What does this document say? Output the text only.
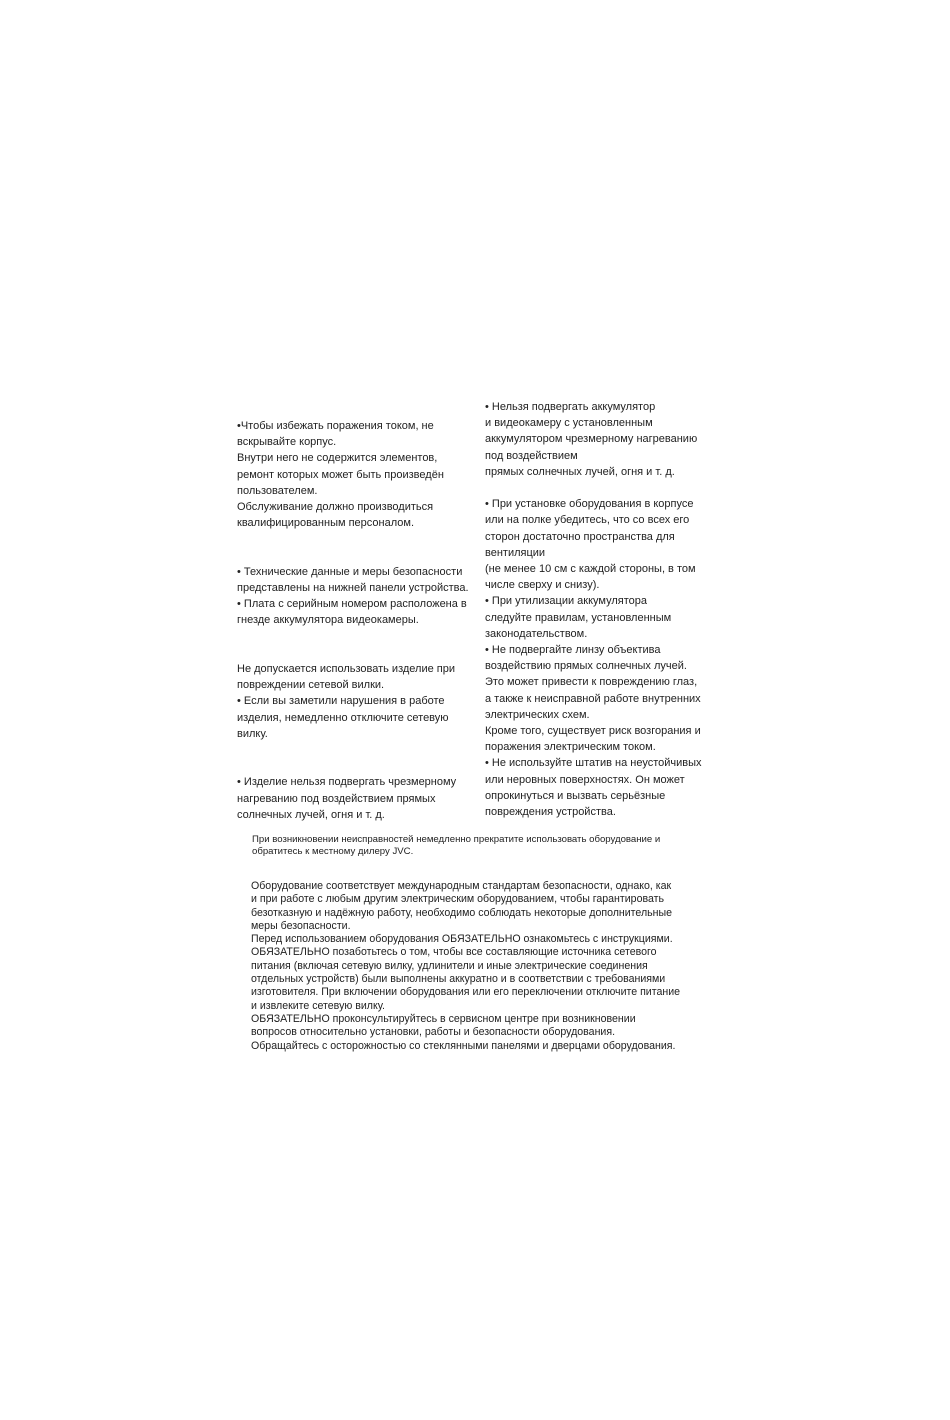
•Чтобы избежать поражения током, не

вскрывайте корпус.

Внутри него не содержится элементов,

ремонт которых может быть произведён

пользователем.

Обслуживание должно производиться

квалифицированным персоналом.

• Технические данные и меры безопасности

представлены на нижней панели устройства.

• Плата с серийным номером расположена в

гнезде аккумулятора видеокамеры.

Не допускается использовать изделие при

повреждении сетевой вилки.

• Если вы заметили нарушения в работе

изделия, немедленно отключите сетевую

вилку.

• Изделие нельзя подвергать чрезмерному

нагреванию под воздействием прямых

солнечных лучей, огня и т. д.

• Нельзя подвергать аккумулятор

и видеокамеру с установленным

аккумулятором чрезмерному нагреванию

под воздействием

прямых солнечных лучей, огня и т. д.

• При установке оборудования в корпусе

или на полке убедитесь, что со всех его

сторон достаточно пространства для

вентиляции

(не менее 10 см с каждой стороны, в том

числе сверху и снизу).

• При утилизации аккумулятора

следуйте правилам, установленным

законодательством.

• Не подвергайте линзу объектива

воздействию прямых солнечных лучей.

Это может привести к повреждению глаз,

а также к неисправной работе внутренних

электрических схем.

Кроме того, существует риск возгорания и

поражения электрическим током.

• Не используйте штатив на неустойчивых

или неровных поверхностях. Он может

опрокинуться и вызвать серьёзные

повреждения устройства.

При возникновении неисправностей немедленно прекратите использовать оборудование и

обратитесь к местному дилеру JVC.

Оборудование соответствует международным стандартам безопасности, однако, как

и при работе с любым другим электрическим оборудованием, чтобы гарантировать

безотказную и надёжную работу, необходимо соблюдать некоторые дополнительные

меры безопасности.

Перед использованием оборудования ОБЯЗАТЕЛЬНО ознакомьтесь с инструкциями.

ОБЯЗАТЕЛЬНО позаботьтесь о том, чтобы все составляющие источника сетевого

питания (включая сетевую вилку, удлинители и иные электрические соединения

отдельных устройств) были выполнены аккуратно и в соответствии с требованиями

изготовителя. При включении оборудования или его переключении отключите питание

и извлеките сетевую вилку.

ОБЯЗАТЕЛЬНО проконсультируйтесь в сервисном центре при возникновении

вопросов относительно установки, работы и безопасности оборудования.

Обращайтесь с осторожностью со стеклянными панелями и дверцами оборудования.
